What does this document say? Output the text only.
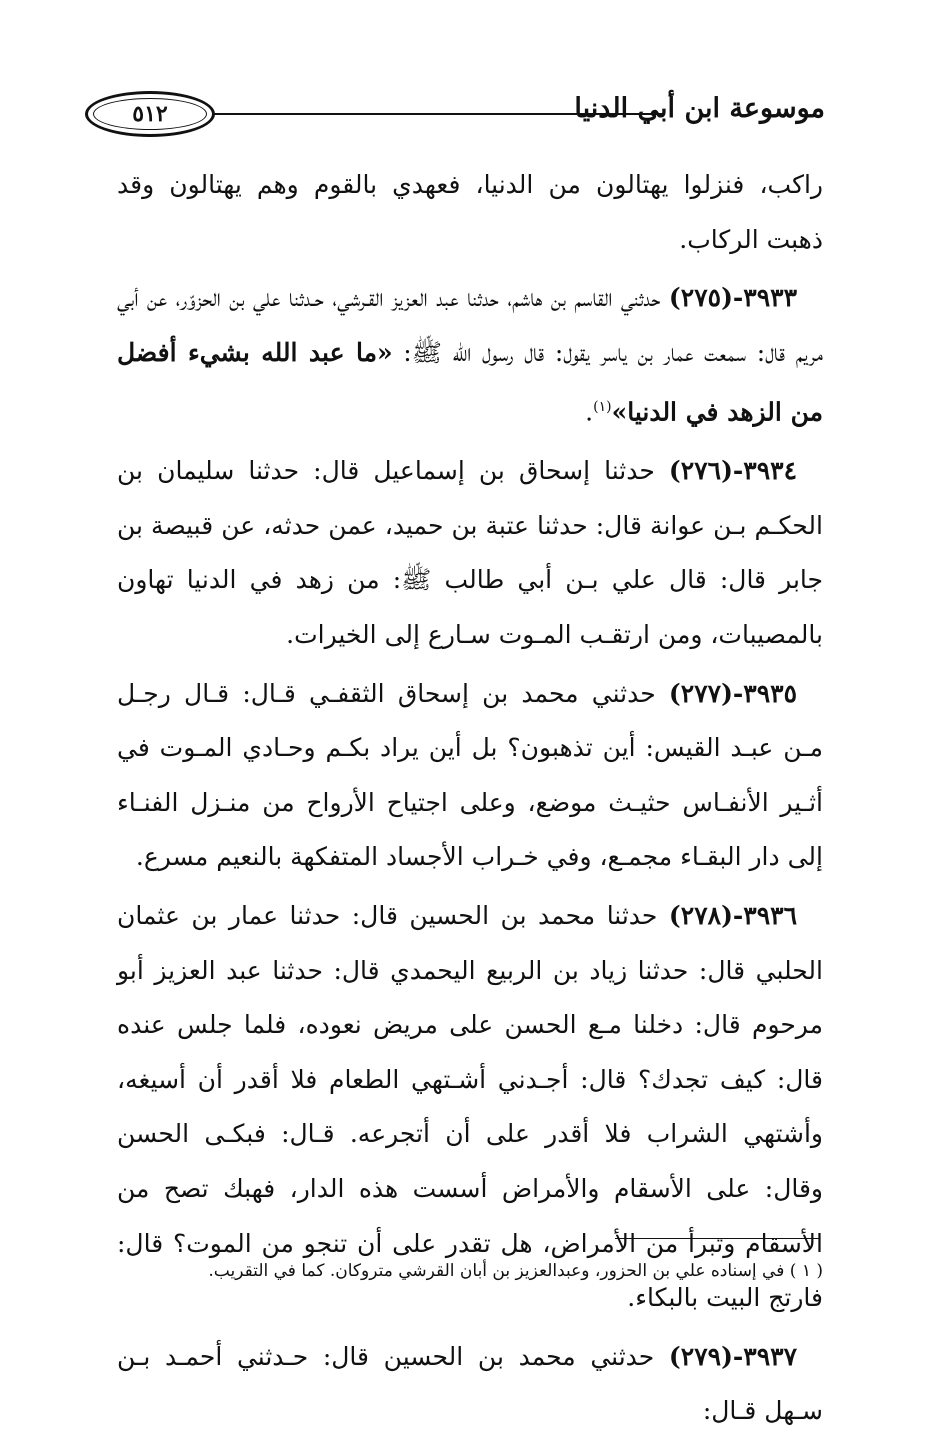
٥١٢	موسوعة ابن أبي الدنيا

راكب، فنزلوا يهتالون من الدنيا، فعهدي بالقوم وهم يهتالون وقد ذهبت الركاب.

٣٩٣٣-(٢٧٥) حدثني القاسم بن هاشم، حدثنا عبد العزيز القـرشي، حـدثنا علي بن الحزوّر، عن أبي مريم قال: سمعت عمار بن ياسر يقول: قال رسول الله ﷺ: «ما عبد الله بشيء أفضل من الزهد في الدنيا»$^{(١)}$.

٣٩٣٤-(٢٧٦) حدثنا إسحاق بن إسماعيل قال: حدثنا سليمان بن الحكـم بـن عوانة قال: حدثنا عتبة بن حميد، عمن حدثه، عن قبيصة بن جابر قال: قال علي بـن أبي طالب ﷺ: من زهد في الدنيا تهاون بالمصيبات، ومن ارتقـب المـوت سـارع إلى الخيرات.

٣٩٣٥-(٢٧٧) حدثني محمد بن إسحاق الثقفـي قـال: قـال رجـل مـن عبـد القيس: أين تذهبون؟ بل أين يراد بكـم وحـادي المـوت في أثـير الأنفـاس حثيـث موضع، وعلى اجتياح الأرواح من منـزل الفنـاء إلى دار البقـاء مجمـع، وفي خـراب الأجساد المتفكهة بالنعيم مسرع.

٣٩٣٦-(٢٧٨) حدثنا محمد بن الحسين قال: حدثنا عمار بن عثمان الحلبي قال: حدثنا زياد بن الربيع اليحمدي قال: حدثنا عبد العزيز أبو مرحوم قال: دخلنا مـع الحسن على مريض نعوده، فلما جلس عنده قال: كيف تجدك؟ قال: أجـدني أشـتهي الطعام فلا أقدر أن أسيغه، وأشتهي الشراب فلا أقدر على أن أتجرعه. قـال: فبكـى الحسن وقال: على الأسقام والأمراض أسست هذه الدار، فهبك تصح من الأسقام وتبرأ من الأمراض، هل تقدر على أن تنجو من الموت؟ قال: فارتج البيت بالبكاء.

٣٩٣٧-(٢٧٩) حدثني محمد بن الحسين قال: حـدثني أحمـد بـن سـهل قـال:

( ١ ) في إسناده علي بن الحزور، وعبدالعزيز بن أبان القرشي متروكان. كما في التقريب.
